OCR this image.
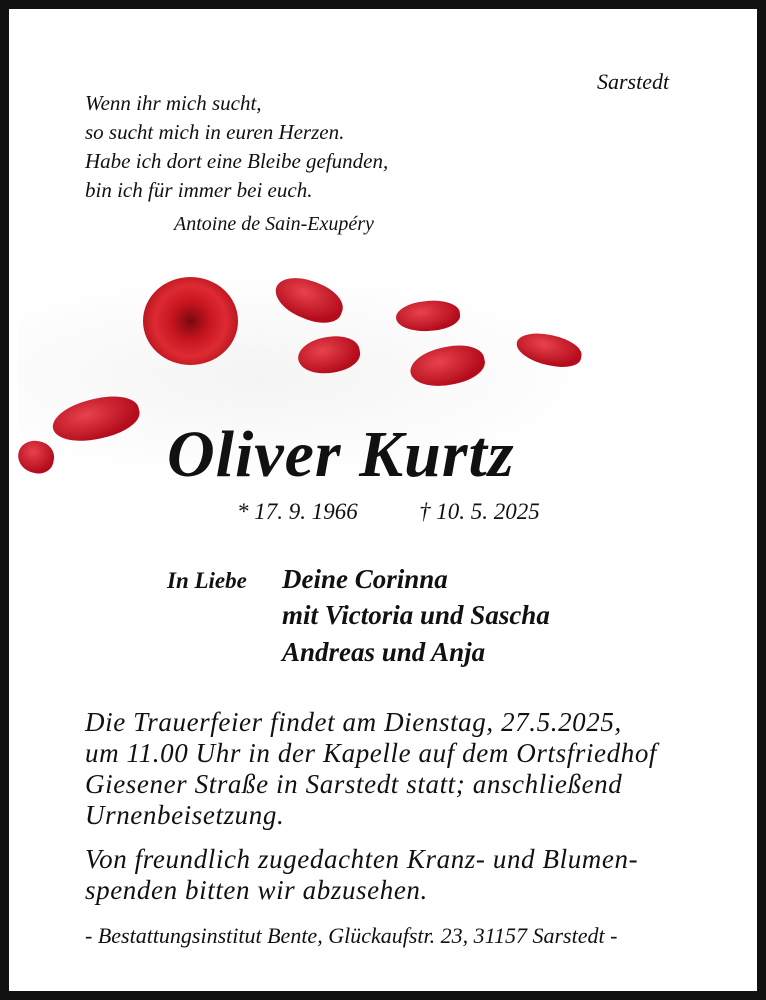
Sarstedt
Wenn ihr mich sucht,
so sucht mich in euren Herzen.
Habe ich dort eine Bleibe gefunden,
bin ich für immer bei euch.
Antoine de Sain-Exupéry
Oliver Kurtz
* 17. 9. 1966	† 10. 5. 2025
In Liebe Deine Corinna
mit Victoria und Sascha
Andreas und Anja
Die Trauerfeier findet am Dienstag, 27.5.2025,
um 11.00 Uhr in der Kapelle auf dem Ortsfriedhof
Giesener Straße in Sarstedt statt; anschließend
Urnenbeisetzung.
Von freundlich zugedachten Kranz- und Blumen-
spenden bitten wir abzusehen.
- Bestattungsinstitut Bente, Glückaufstr. 23, 31157 Sarstedt -
